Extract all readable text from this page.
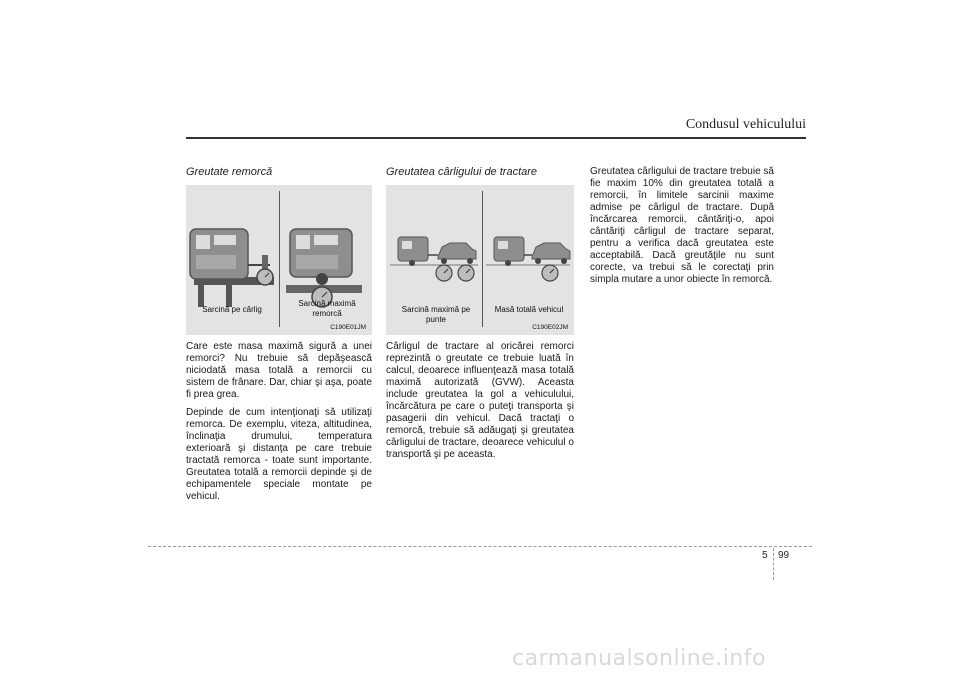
Condusul vehiculului
Greutate remorcă
Sarcină pe cârlig
Sarcină maximă remorcă
C190E01JM

Care este masa maximă sigură a unei remorci? Nu trebuie să depăşească niciodată masa totală a remorcii cu sistem de frânare. Dar, chiar şi aşa, poate fi prea grea.

Depinde de cum intenţionaţi să utilizaţi remorca. De exemplu, viteza, altitudinea, înclinaţia drumului, temperatura exterioară şi distanţa pe care trebuie tractată remorca - toate sunt importante. Greutatea totală a remorcii depinde şi de echipamentele speciale montate pe vehicul.

Greutatea cârligului de tractare
Sarcină maximă pe punte
Masă totală vehicul
C190E02JM

Cârligul de tractare al oricărei remorci reprezintă o greutate ce trebuie luată în calcul, deoarece influenţează masa totală maximă autorizată (GVW). Aceasta include greutatea la gol a vehiculului, încărcătura pe care o puteţi transporta şi pasagerii din vehicul. Dacă tractaţi o remorcă, trebuie să adăugaţi şi greutatea cârligului de tractare, deoarece vehiculul o transportă şi pe aceasta.

Greutatea cârligului de tractare trebuie să fie maxim 10% din greutatea totală a remorcii, în limitele sarcinii maxime admise pe cârligul de tractare. După încărcarea remorcii, cântăriţi-o, apoi cântăriţi cârligul de tractare separat, pentru a verifica dacă greutatea este acceptabilă. Dacă greutăţile nu sunt corecte, va trebui să le corectaţi prin simpla mutare a unor obiecte în remorcă.

5 99
carmanualsonline.info
